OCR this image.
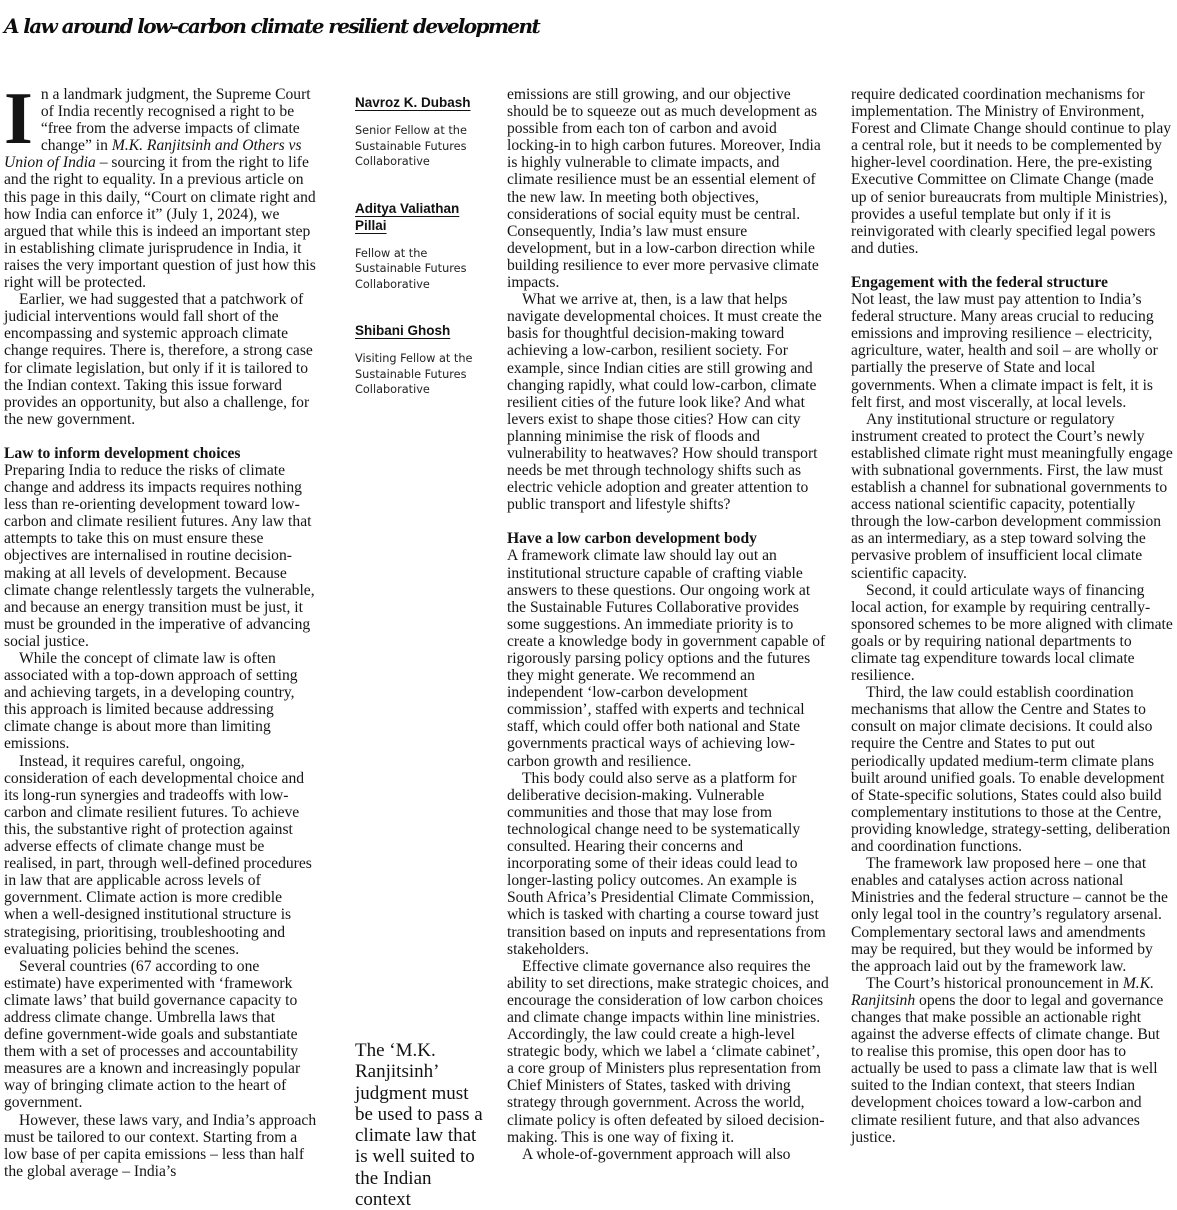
A law around low-carbon climate resilient development

In a landmark judgment, the Supreme Court of India recently recognised a right to be “free from the adverse impacts of climate change” in M.K. Ranjitsinh and Others vs Union of India – sourcing it from the right to life and the right to equality. In a previous article on this page in this daily, “Court on climate right and how India can enforce it” (July 1, 2024), we argued that while this is indeed an important step in establishing climate jurisprudence in India, it raises the very important question of just how this right will be protected.

Earlier, we had suggested that a patchwork of judicial interventions would fall short of the encompassing and systemic approach climate change requires. There is, therefore, a strong case for climate legislation, but only if it is tailored to the Indian context. Taking this issue forward provides an opportunity, but also a challenge, for the new government.

Law to inform development choices

Preparing India to reduce the risks of climate change and address its impacts requires nothing less than re-orienting development toward low-carbon and climate resilient futures. Any law that attempts to take this on must ensure these objectives are internalised in routine decision-making at all levels of development. Because climate change relentlessly targets the vulnerable, and because an energy transition must be just, it must be grounded in the imperative of advancing social justice.

While the concept of climate law is often associated with a top-down approach of setting and achieving targets, in a developing country, this approach is limited because addressing climate change is about more than limiting emissions.

Instead, it requires careful, ongoing, consideration of each developmental choice and its long-run synergies and tradeoffs with low-carbon and climate resilient futures. To achieve this, the substantive right of protection against adverse effects of climate change must be realised, in part, through well-defined procedures in law that are applicable across levels of government. Climate action is more credible when a well-designed institutional structure is strategising, prioritising, troubleshooting and evaluating policies behind the scenes.

Several countries (67 according to one estimate) have experimented with ‘framework climate laws’ that build governance capacity to address climate change. Umbrella laws that define government-wide goals and substantiate them with a set of processes and accountability measures are a known and increasingly popular way of bringing climate action to the heart of government.

However, these laws vary, and India’s approach must be tailored to our context. Starting from a low base of per capita emissions – less than half the global average – India’s

Navroz K. Dubash
Senior Fellow at the Sustainable Futures Collaborative
Aditya Valiathan Pillai
Fellow at the Sustainable Futures Collaborative
Shibani Ghosh
Visiting Fellow at the Sustainable Futures Collaborative
The ‘M.K. Ranjitsinh’ judgment must be used to pass a climate law that is well suited to the Indian context

emissions are still growing, and our objective should be to squeeze out as much development as possible from each ton of carbon and avoid locking-in to high carbon futures. Moreover, India is highly vulnerable to climate impacts, and climate resilience must be an essential element of the new law. In meeting both objectives, considerations of social equity must be central. Consequently, India’s law must ensure development, but in a low-carbon direction while building resilience to ever more pervasive climate impacts.

What we arrive at, then, is a law that helps navigate developmental choices. It must create the basis for thoughtful decision-making toward achieving a low-carbon, resilient society. For example, since Indian cities are still growing and changing rapidly, what could low-carbon, climate resilient cities of the future look like? And what levers exist to shape those cities? How can city planning minimise the risk of floods and vulnerability to heatwaves? How should transport needs be met through technology shifts such as electric vehicle adoption and greater attention to public transport and lifestyle shifts?

Have a low carbon development body

A framework climate law should lay out an institutional structure capable of crafting viable answers to these questions. Our ongoing work at the Sustainable Futures Collaborative provides some suggestions. An immediate priority is to create a knowledge body in government capable of rigorously parsing policy options and the futures they might generate. We recommend an independent ‘low-carbon development commission’, staffed with experts and technical staff, which could offer both national and State governments practical ways of achieving low-carbon growth and resilience.

This body could also serve as a platform for deliberative decision-making. Vulnerable communities and those that may lose from technological change need to be systematically consulted. Hearing their concerns and incorporating some of their ideas could lead to longer-lasting policy outcomes. An example is South Africa’s Presidential Climate Commission, which is tasked with charting a course toward just transition based on inputs and representations from stakeholders.

Effective climate governance also requires the ability to set directions, make strategic choices, and encourage the consideration of low carbon choices and climate change impacts within line ministries. Accordingly, the law could create a high-level strategic body, which we label a ‘climate cabinet’, a core group of Ministers plus representation from Chief Ministers of States, tasked with driving strategy through government. Across the world, climate policy is often defeated by siloed decision-making. This is one way of fixing it.

A whole-of-government approach will also

require dedicated coordination mechanisms for implementation. The Ministry of Environment, Forest and Climate Change should continue to play a central role, but it needs to be complemented by higher-level coordination. Here, the pre-existing Executive Committee on Climate Change (made up of senior bureaucrats from multiple Ministries), provides a useful template but only if it is reinvigorated with clearly specified legal powers and duties.

Engagement with the federal structure

Not least, the law must pay attention to India’s federal structure. Many areas crucial to reducing emissions and improving resilience – electricity, agriculture, water, health and soil – are wholly or partially the preserve of State and local governments. When a climate impact is felt, it is felt first, and most viscerally, at local levels.

Any institutional structure or regulatory instrument created to protect the Court’s newly established climate right must meaningfully engage with subnational governments. First, the law must establish a channel for subnational governments to access national scientific capacity, potentially through the low-carbon development commission as an intermediary, as a step toward solving the pervasive problem of insufficient local climate scientific capacity.

Second, it could articulate ways of financing local action, for example by requiring centrally-sponsored schemes to be more aligned with climate goals or by requiring national departments to climate tag expenditure towards local climate resilience.

Third, the law could establish coordination mechanisms that allow the Centre and States to consult on major climate decisions. It could also require the Centre and States to put out periodically updated medium-term climate plans built around unified goals. To enable development of State-specific solutions, States could also build complementary institutions to those at the Centre, providing knowledge, strategy-setting, deliberation and coordination functions.

The framework law proposed here – one that enables and catalyses action across national Ministries and the federal structure – cannot be the only legal tool in the country’s regulatory arsenal. Complementary sectoral laws and amendments may be required, but they would be informed by the approach laid out by the framework law.

The Court’s historical pronouncement in M.K. Ranjitsinh opens the door to legal and governance changes that make possible an actionable right against the adverse effects of climate change. But to realise this promise, this open door has to actually be used to pass a climate law that is well suited to the Indian context, that steers Indian development choices toward a low-carbon and climate resilient future, and that also advances justice.
